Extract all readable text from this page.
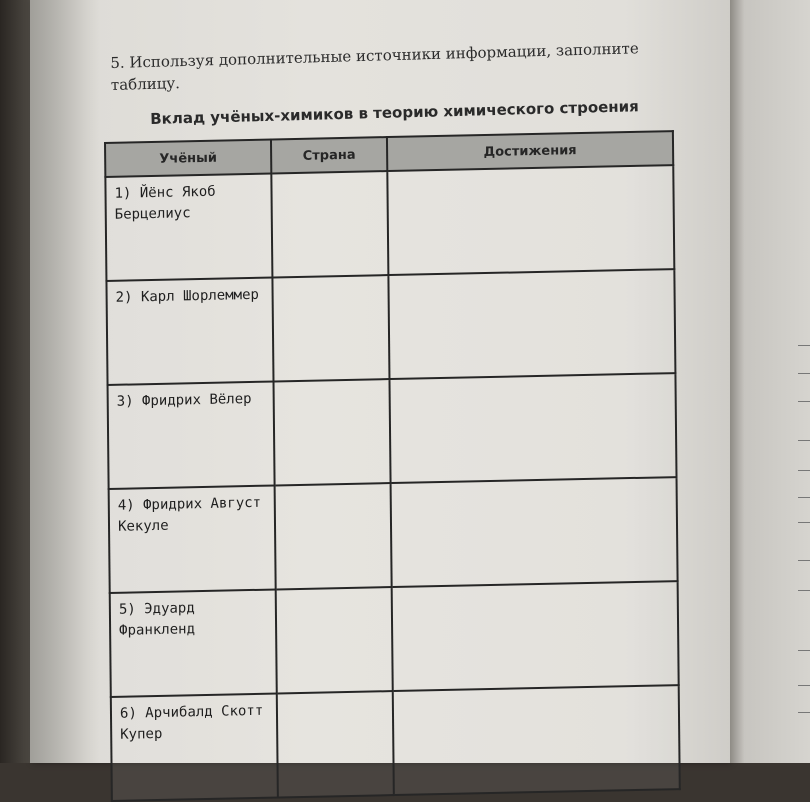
5. Используя дополнительные источники информации, заполните таблицу.
Вклад учёных-химиков в теорию химического строения
Учёный	Страна	Достижения
1) Йёнс Якоб Берцелиус		
2) Карл Шорлеммер		
3) Фридрих Вёлер		
4) Фридрих Август Кекуле		
5) Эдуард Франкленд		
6) Арчибалд Скотт Купер		
